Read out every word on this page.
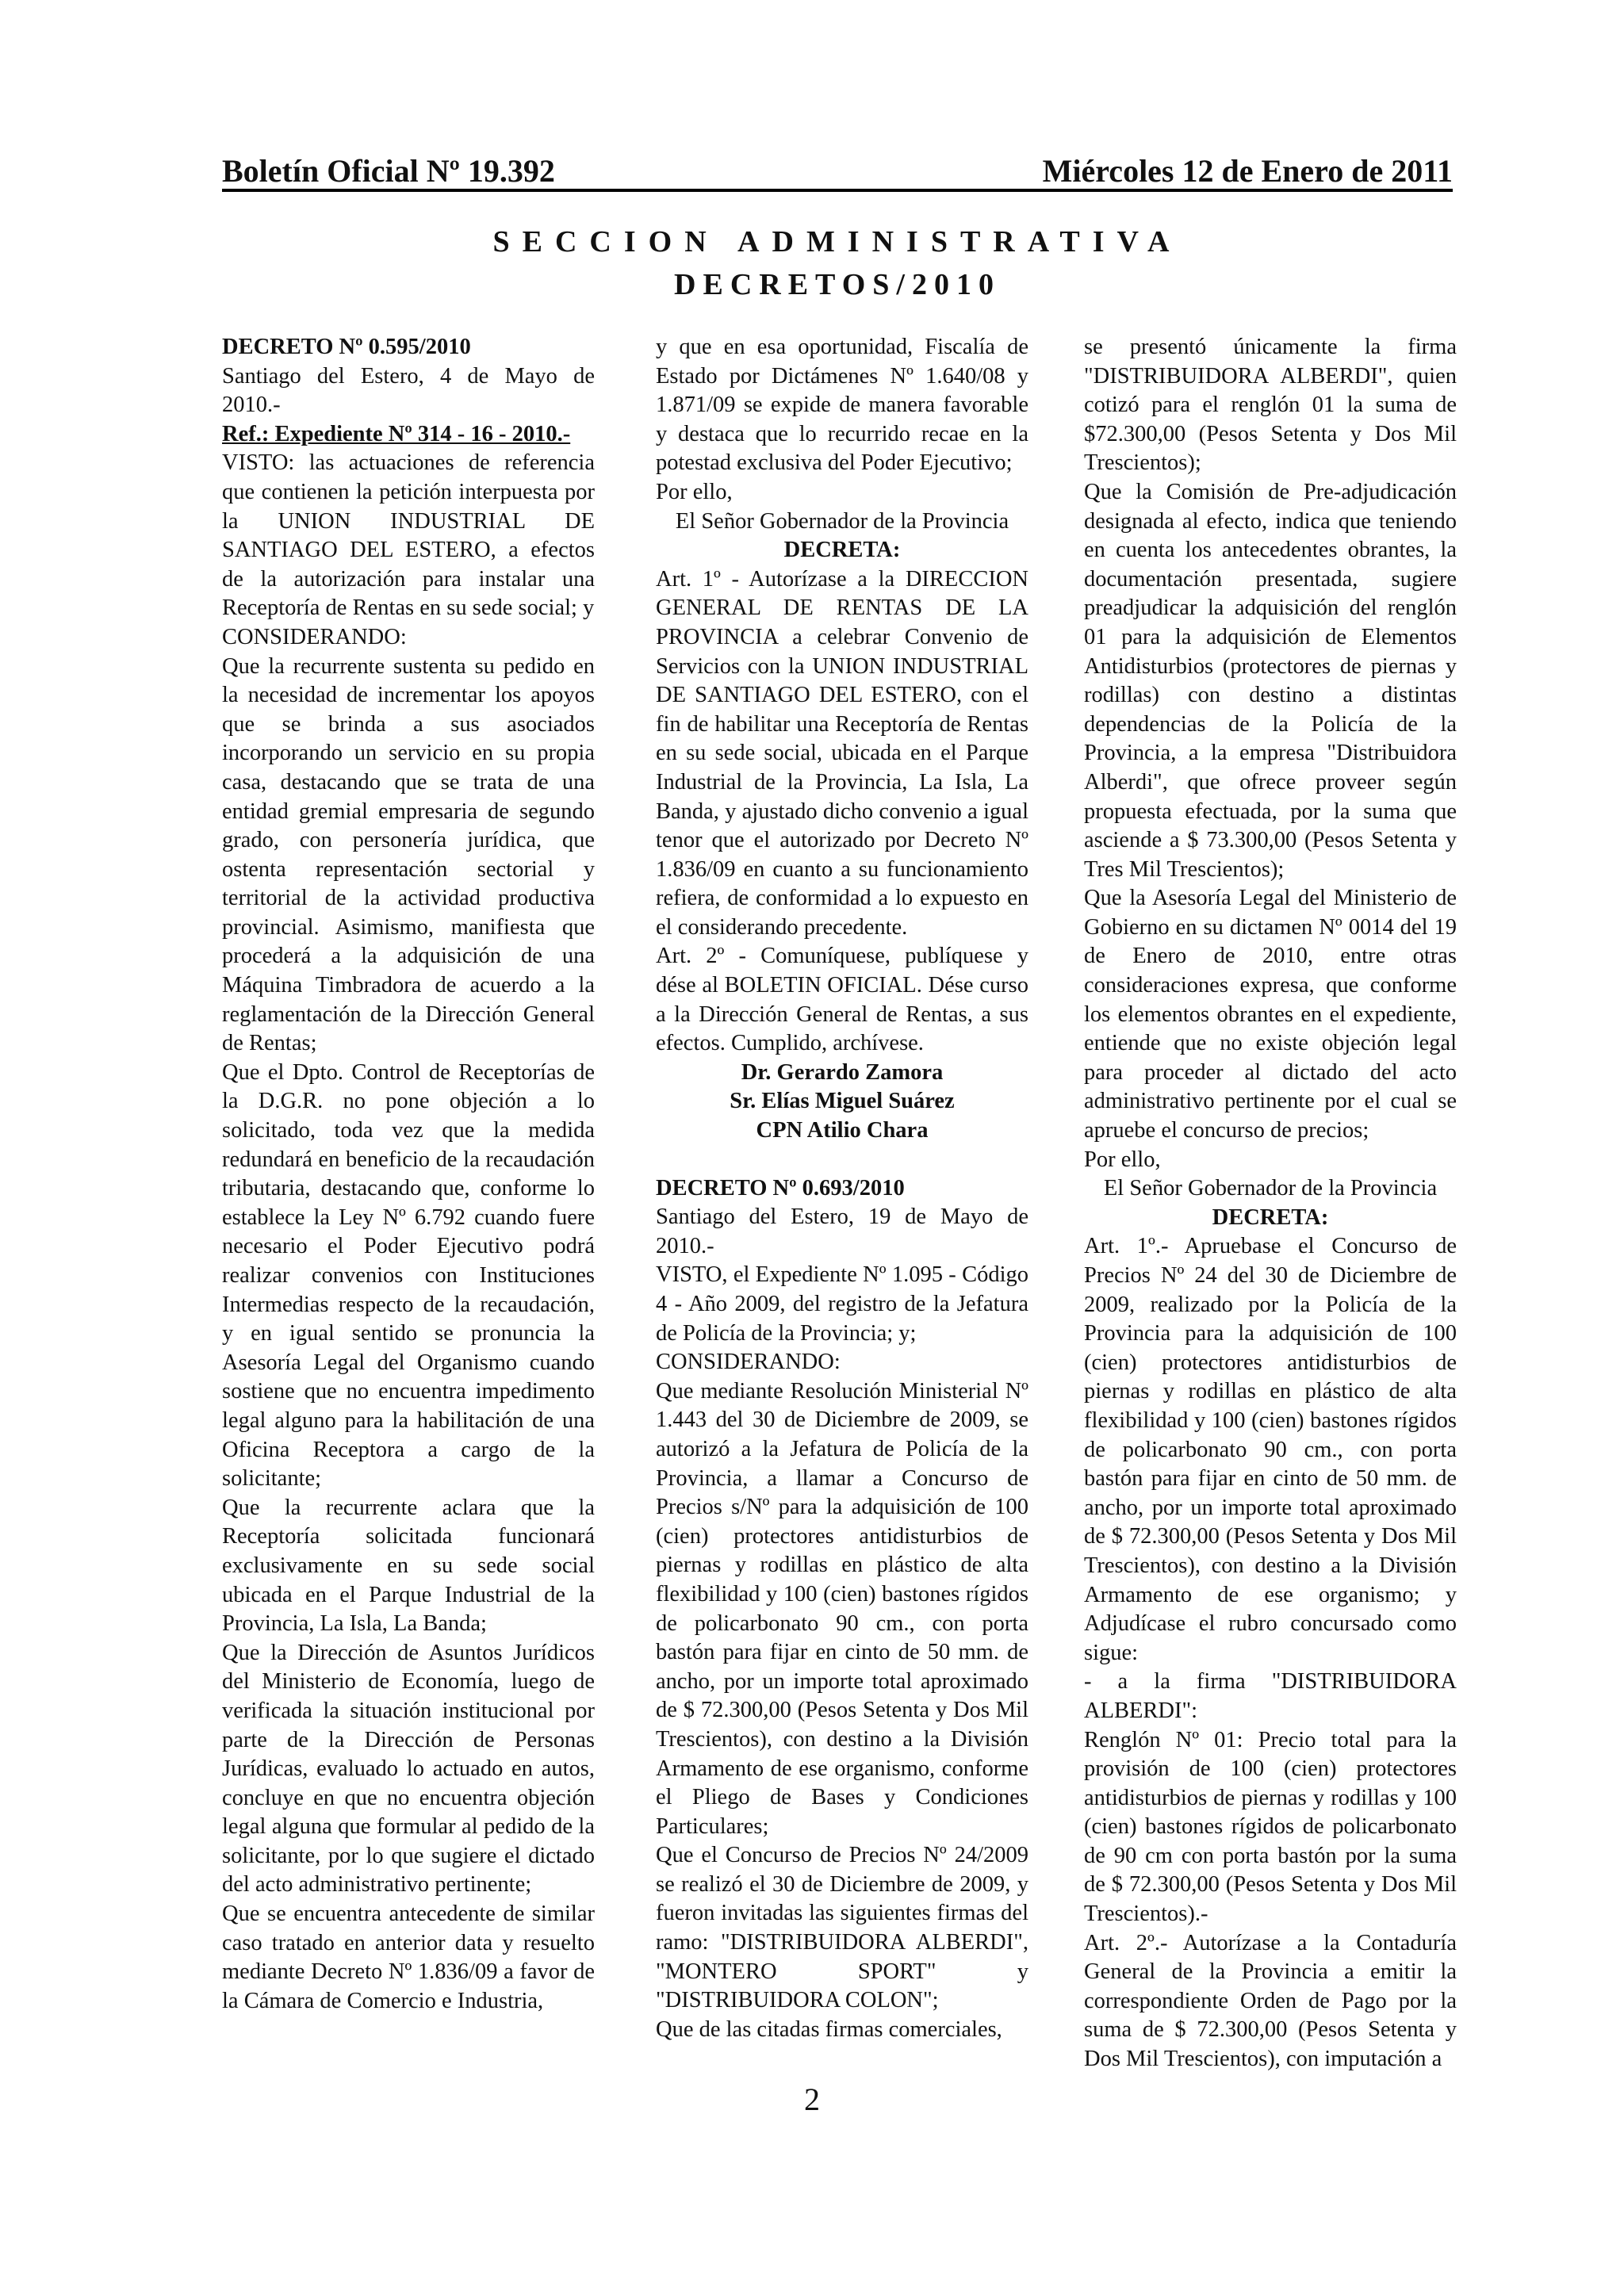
Boletín Oficial Nº 19.392	Miércoles 12 de Enero de 2011
SECCION ADMINISTRATIVA
DECRETOS/2010

DECRETO Nº 0.595/2010

Santiago del Estero, 4 de Mayo de 2010.-

Ref.: Expediente Nº 314 - 16 - 2010.-

VISTO: las actuaciones de referencia que contienen la petición interpuesta por la UNION INDUSTRIAL DE SANTIAGO DEL ESTERO, a efectos de la autorización para instalar una Receptoría de Rentas en su sede social; y

CONSIDERANDO:

Que la recurrente sustenta su pedido en la necesidad de incrementar los apoyos que se brinda a sus asociados incorporando un servicio en su propia casa, destacando que se trata de una entidad gremial empresaria de segundo grado, con personería jurídica, que ostenta representación sectorial y territorial de la actividad productiva provincial. Asimismo, manifiesta que procederá a la adquisición de una Máquina Timbradora de acuerdo a la reglamentación de la Dirección General de Rentas;

Que el Dpto. Control de Receptorías de la D.G.R. no pone objeción a lo solicitado, toda vez que la medida redundará en beneficio de la recaudación tributaria, destacando que, conforme lo establece la Ley Nº 6.792 cuando fuere necesario el Poder Ejecutivo podrá realizar convenios con Instituciones Intermedias respecto de la recaudación, y en igual sentido se pronuncia la Asesoría Legal del Organismo cuando sostiene que no encuentra impedimento legal alguno para la habilitación de una Oficina Receptora a cargo de la solicitante;

Que la recurrente aclara que la Receptoría solicitada funcionará exclusivamente en su sede social ubicada en el Parque Industrial de la Provincia, La Isla, La Banda;

Que la Dirección de Asuntos Jurídicos del Ministerio de Economía, luego de verificada la situación institucional por parte de la Dirección de Personas Jurídicas, evaluado lo actuado en autos, concluye en que no encuentra objeción legal alguna que formular al pedido de la solicitante, por lo que sugiere el dictado del acto administrativo pertinente;

Que se encuentra antecedente de similar caso tratado en anterior data y resuelto mediante Decreto Nº 1.836/09 a favor de la Cámara de Comercio e Industria,

y que en esa oportunidad, Fiscalía de Estado por Dictámenes Nº 1.640/08 y 1.871/09 se expide de manera favorable y destaca que lo recurrido recae en la potestad exclusiva del Poder Ejecutivo;

Por ello,

El Señor Gobernador de la Provincia

DECRETA:

Art. 1º - Autorízase a la DIRECCION GENERAL DE RENTAS DE LA PROVINCIA a celebrar Convenio de Servicios con la UNION INDUSTRIAL DE SANTIAGO DEL ESTERO, con el fin de habilitar una Receptoría de Rentas en su sede social, ubicada en el Parque Industrial de la Provincia, La Isla, La Banda, y ajustado dicho convenio a igual tenor que el autorizado por Decreto Nº 1.836/09 en cuanto a su funcionamiento refiera, de conformidad a lo expuesto en el considerando precedente.

Art. 2º - Comuníquese, publíquese y dése al BOLETIN OFICIAL. Dése curso a la Dirección General de Rentas, a sus efectos. Cumplido, archívese.

Dr. Gerardo Zamora

Sr. Elías Miguel Suárez

CPN Atilio Chara

DECRETO Nº 0.693/2010

Santiago del Estero, 19 de Mayo de 2010.-

VISTO, el Expediente Nº 1.095 - Código 4 - Año 2009, del registro de la Jefatura de Policía de la Provincia; y;

CONSIDERANDO:

Que mediante Resolución Ministerial Nº 1.443 del 30 de Diciembre de 2009, se autorizó a la Jefatura de Policía de la Provincia, a llamar a Concurso de Precios s/Nº para la adquisición de 100 (cien) protectores antidisturbios de piernas y rodillas en plástico de alta flexibilidad y 100 (cien) bastones rígidos de policarbonato 90 cm., con porta bastón para fijar en cinto de 50 mm. de ancho, por un importe total aproximado de $ 72.300,00 (Pesos Setenta y Dos Mil Trescientos), con destino a la División Armamento de ese organismo, conforme el Pliego de Bases y Condiciones Particulares;

Que el Concurso de Precios Nº 24/2009 se realizó el 30 de Diciembre de 2009, y fueron invitadas las siguientes firmas del ramo: "DISTRIBUIDORA ALBERDI", "MONTERO SPORT" y "DISTRIBUIDORA COLON";

Que de las citadas firmas comerciales,

se presentó únicamente la firma "DISTRIBUIDORA ALBERDI", quien cotizó para el renglón 01 la suma de $72.300,00 (Pesos Setenta y Dos Mil Trescientos);

Que la Comisión de Pre-adjudicación designada al efecto, indica que teniendo en cuenta los antecedentes obrantes, la documentación presentada, sugiere preadjudicar la adquisición del renglón 01 para la adquisición de Elementos Antidisturbios (protectores de piernas y rodillas) con destino a distintas dependencias de la Policía de la Provincia, a la empresa "Distribuidora Alberdi", que ofrece proveer según propuesta efectuada, por la suma que asciende a $ 73.300,00 (Pesos Setenta y Tres Mil Trescientos);

Que la Asesoría Legal del Ministerio de Gobierno en su dictamen Nº 0014 del 19 de Enero de 2010, entre otras consideraciones expresa, que conforme los elementos obrantes en el expediente, entiende que no existe objeción legal para proceder al dictado del acto administrativo pertinente por el cual se apruebe el concurso de precios;

Por ello,

El Señor Gobernador de la Provincia

DECRETA:

Art. 1º.- Apruebase el Concurso de Precios Nº 24 del 30 de Diciembre de 2009, realizado por la Policía de la Provincia para la adquisición de 100 (cien) protectores antidisturbios de piernas y rodillas en plástico de alta flexibilidad y 100 (cien) bastones rígidos de policarbonato 90 cm., con porta bastón para fijar en cinto de 50 mm. de ancho, por un importe total aproximado de $ 72.300,00 (Pesos Setenta y Dos Mil Trescientos), con destino a la División Armamento de ese organismo; y Adjudícase el rubro concursado como sigue:

- a la firma "DISTRIBUIDORA ALBERDI":

Renglón Nº 01: Precio total para la provisión de 100 (cien) protectores antidisturbios de piernas y rodillas y 100 (cien) bastones rígidos de policarbonato de 90 cm con porta bastón por la suma de $ 72.300,00 (Pesos Setenta y Dos Mil Trescientos).-

Art. 2º.- Autorízase a la Contaduría General de la Provincia a emitir la correspondiente Orden de Pago por la suma de $ 72.300,00 (Pesos Setenta y Dos Mil Trescientos), con imputación a

2
